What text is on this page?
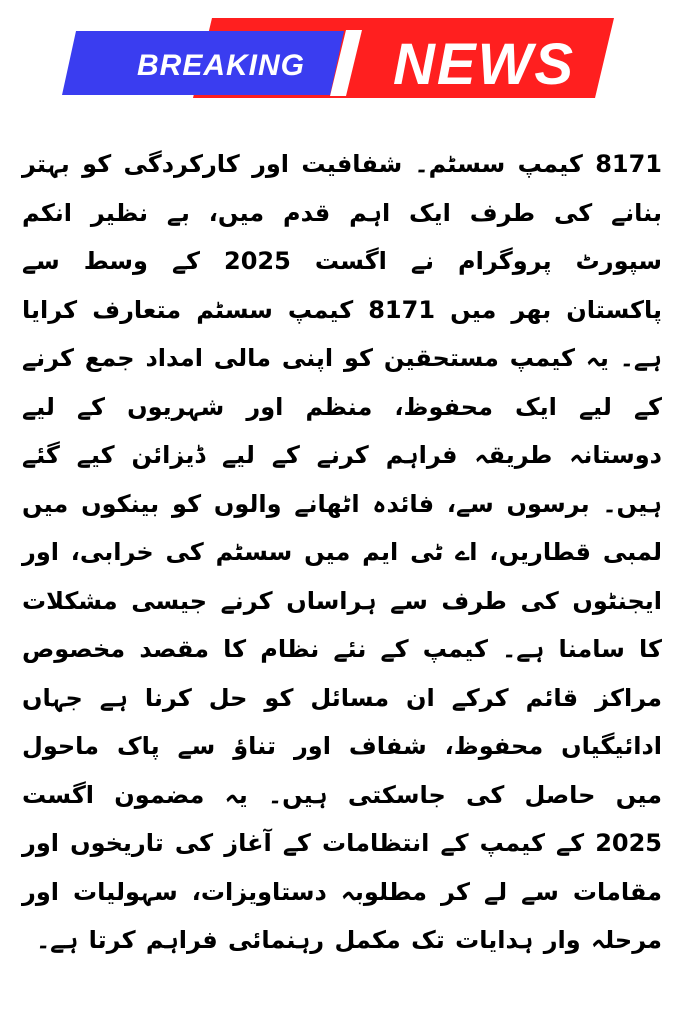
BREAKING	NEWS

8171 کیمپ سسٹم۔ شفافیت اور کارکردگی کو بہتر بنانے کی طرف ایک اہم قدم میں، بے نظیر انکم سپورٹ پروگرام نے اگست 2025 کے وسط سے پاکستان بھر میں 8171 کیمپ سسٹم متعارف کرایا ہے۔ یہ کیمپ مستحقین کو اپنی مالی امداد جمع کرنے کے لیے ایک محفوظ، منظم اور شہریوں کے لیے دوستانہ طریقہ فراہم کرنے کے لیے ڈیزائن کیے گئے ہیں۔ برسوں سے، فائدہ اٹھانے والوں کو بینکوں میں لمبی قطاریں، اے ٹی ایم میں سسٹم کی خرابی، اور ایجنٹوں کی طرف سے ہراساں کرنے جیسی مشکلات کا سامنا ہے۔ کیمپ کے نئے نظام کا مقصد مخصوص مراکز قائم کرکے ان مسائل کو حل کرنا ہے جہاں ادائیگیاں محفوظ، شفاف اور تناؤ سے پاک ماحول میں حاصل کی جاسکتی ہیں۔ یہ مضمون اگست 2025 کے کیمپ کے انتظامات کے آغاز کی تاریخوں اور مقامات سے لے کر مطلوبہ دستاویزات، سہولیات اور مرحلہ وار ہدایات تک مکمل رہنمائی فراہم کرتا ہے۔
